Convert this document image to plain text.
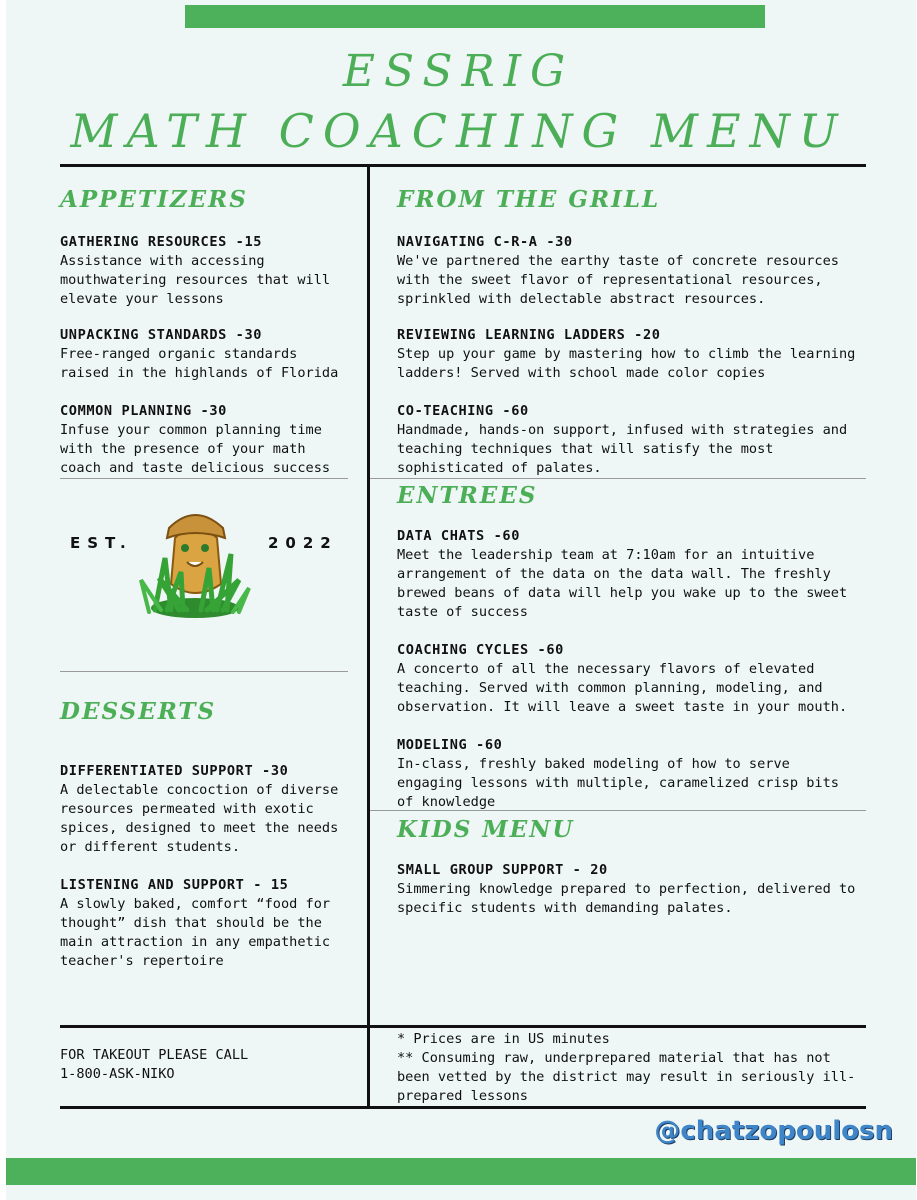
ESSRIG
MATH COACHING MENU
APPETIZERS
GATHERING RESOURCES -15
Assistance with accessing
mouthwatering resources that will
elevate your lessons
UNPACKING STANDARDS -30
Free-ranged organic standards
raised in the highlands of Florida
COMMON PLANNING -30
Infuse your common planning time
with the presence of your math
coach and taste delicious success
EST.	2022
DESSERTS
DIFFERENTIATED SUPPORT -30
A delectable concoction of diverse
resources permeated with exotic
spices, designed to meet the needs
or different students.
LISTENING AND SUPPORT - 15
A slowly baked, comfort “food for
thought” dish that should be the
main attraction in any empathetic
teacher's repertoire
FROM THE GRILL
NAVIGATING C-R-A -30
We've partnered the earthy taste of concrete resources
with the sweet flavor of representational resources,
sprinkled with delectable abstract resources.
REVIEWING LEARNING LADDERS -20
Step up your game by mastering how to climb the learning
ladders! Served with school made color copies
CO-TEACHING -60
Handmade, hands-on support, infused with strategies and
teaching techniques that will satisfy the most
sophisticated of palates.
ENTREES
DATA CHATS -60
Meet the leadership team at 7:10am for an intuitive
arrangement of the data on the data wall. The freshly
brewed beans of data will help you wake up to the sweet
taste of success
COACHING CYCLES -60
A concerto of all the necessary flavors of elevated
teaching. Served with common planning, modeling, and
observation. It will leave a sweet taste in your mouth.
MODELING -60
In-class, freshly baked modeling of how to serve
engaging lessons with multiple, caramelized crisp bits
of knowledge
KIDS MENU
SMALL GROUP SUPPORT - 20
Simmering knowledge prepared to perfection, delivered to
specific students with demanding palates.
FOR TAKEOUT PLEASE CALL
1-800-ASK-NIKO
* Prices are in US minutes
** Consuming raw, underprepared material that has not
been vetted by the district may result in seriously ill-
prepared lessons
@chatzopoulosn
